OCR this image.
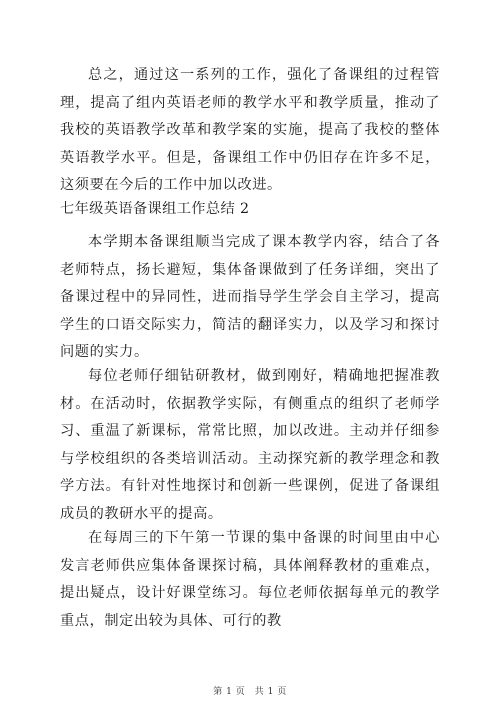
总之，通过这一系列的工作，强化了备课组的过程管理，提高了组内英语老师的教学水平和教学质量，推动了我校的英语教学改革和教学案的实施，提高了我校的整体英语教学水平。但是，备课组工作中仍旧存在许多不足，这须要在今后的工作中加以改进。

七年级英语备课组工作总结 2

本学期本备课组顺当完成了课本教学内容，结合了各老师特点，扬长避短，集体备课做到了任务详细，突出了备课过程中的异同性，进而指导学生学会自主学习，提高学生的口语交际实力，简洁的翻译实力，以及学习和探讨问题的实力。

每位老师仔细钻研教材，做到刚好，精确地把握准教材。在活动时，依据教学实际，有侧重点的组织了老师学习、重温了新课标，常常比照，加以改进。主动并仔细参与学校组织的各类培训活动。主动探究新的教学理念和教学方法。有针对性地探讨和创新一些课例，促进了备课组成员的教研水平的提高。

在每周三的下午第一节课的集中备课的时间里由中心发言老师供应集体备课探讨稿，具体阐释教材的重难点，提出疑点，设计好课堂练习。每位老师依据每单元的教学重点，制定出较为具体、可行的教

第 1 页　共 1 页
